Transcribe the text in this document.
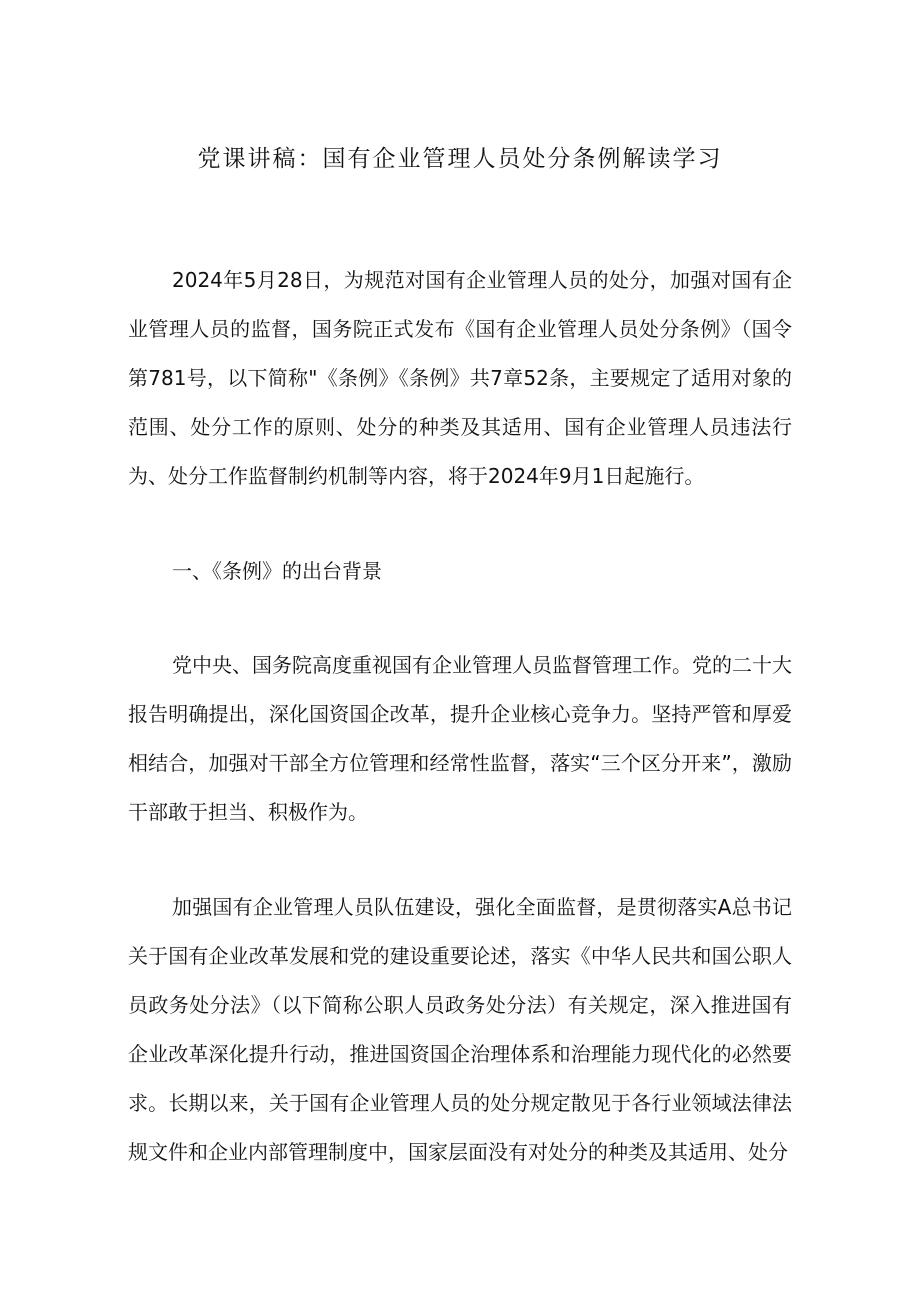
党课讲稿：国有企业管理人员处分条例解读学习

2024年5月28日，为规范对国有企业管理人员的处分，加强对国有企业管理人员的监督，国务院正式发布《国有企业管理人员处分条例》（国令第781号，以下简称"《条例》《条例》共7章52条，主要规定了适用对象的范围、处分工作的原则、处分的种类及其适用、国有企业管理人员违法行为、处分工作监督制约机制等内容，将于2024年9月1日起施行。

一、《条例》的出台背景

党中央、国务院高度重视国有企业管理人员监督管理工作。党的二十大报告明确提出，深化国资国企改革，提升企业核心竞争力。坚持严管和厚爱相结合，加强对干部全方位管理和经常性监督，落实“三个区分开来”，激励干部敢于担当、积极作为。

加强国有企业管理人员队伍建设，强化全面监督，是贯彻落实A总书记关于国有企业改革发展和党的建设重要论述，落实《中华人民共和国公职人员政务处分法》（以下简称公职人员政务处分法）有关规定，深入推进国有企业改革深化提升行动，推进国资国企治理体系和治理能力现代化的必然要求。长期以来，关于国有企业管理人员的处分规定散见于各行业领域法律法规文件和企业内部管理制度中，国家层面没有对处分的种类及其适用、处分
